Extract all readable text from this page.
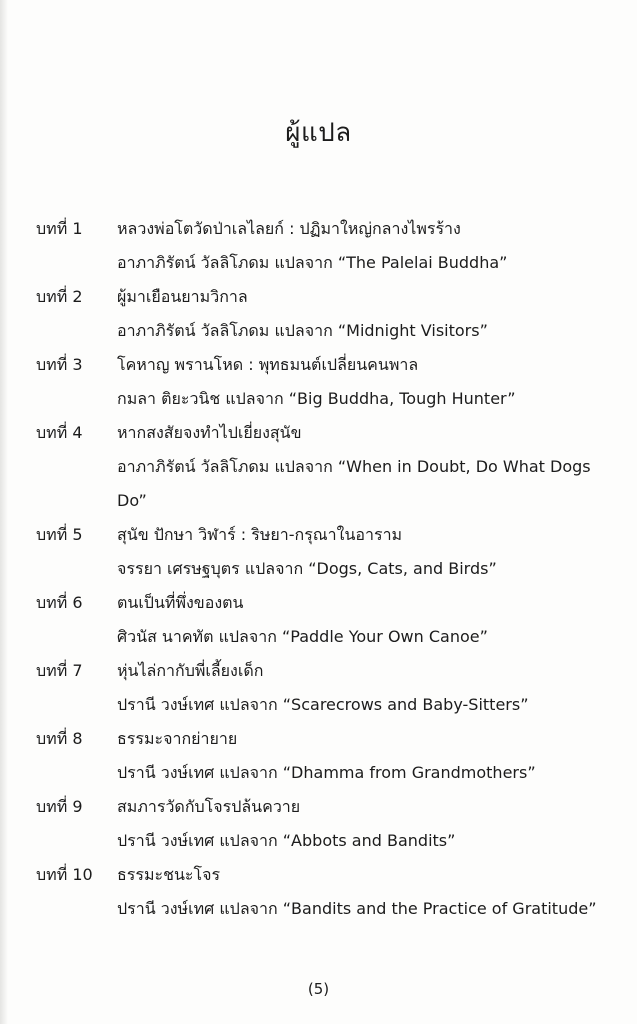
ผู้แปล
บทที่ 1	หลวงพ่อโตวัดป่าเลไลยก์ : ปฏิมาใหญ่กลางไพรร้าง
อาภาภิรัตน์ วัลลิโภดม แปลจาก “The Palelai Buddha”
บทที่ 2	ผู้มาเยือนยามวิกาล
อาภาภิรัตน์ วัลลิโภดม แปลจาก “Midnight Visitors”
บทที่ 3	โคหาญ พรานโหด : พุทธมนต์เปลี่ยนคนพาล
กมลา ติยะวนิช แปลจาก “Big Buddha, Tough Hunter”
บทที่ 4	หากสงสัยจงทำไปเยี่ยงสุนัข
อาภาภิรัตน์ วัลลิโภดม แปลจาก “When in Doubt, Do What Dogs Do”
บทที่ 5	สุนัข ปักษา วิฬาร์ : ริษยา-กรุณาในอาราม
จรรยา เศรษฐบุตร แปลจาก “Dogs, Cats, and Birds”
บทที่ 6	ตนเป็นที่พึ่งของตน
ศิวนัส นาคทัต แปลจาก “Paddle Your Own Canoe”
บทที่ 7	หุ่นไล่กากับพี่เลี้ยงเด็ก
ปรานี วงษ์เทศ แปลจาก “Scarecrows and Baby-Sitters”
บทที่ 8	ธรรมะจากย่ายาย
ปรานี วงษ์เทศ แปลจาก “Dhamma from Grandmothers”
บทที่ 9	สมภารวัดกับโจรปล้นควาย
ปรานี วงษ์เทศ แปลจาก “Abbots and Bandits”
บทที่ 10	ธรรมะชนะโจร
ปรานี วงษ์เทศ แปลจาก “Bandits and the Practice of Gratitude”
(5)
